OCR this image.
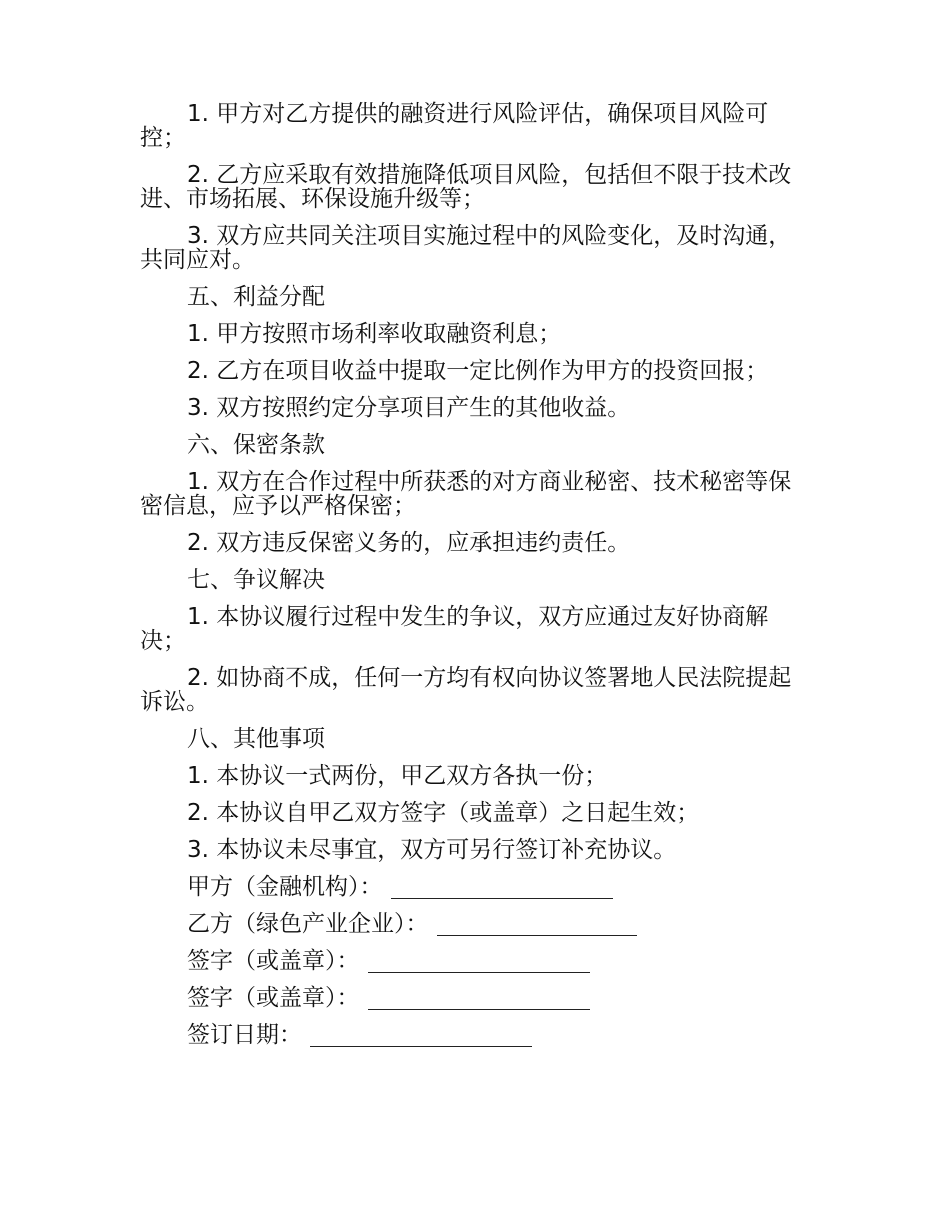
1. 甲方对乙方提供的融资进行风险评估，确保项目风险可控；

2. 乙方应采取有效措施降低项目风险，包括但不限于技术改进、市场拓展、环保设施升级等；

3. 双方应共同关注项目实施过程中的风险变化，及时沟通，共同应对。

五、利益分配

1. 甲方按照市场利率收取融资利息；

2. 乙方在项目收益中提取一定比例作为甲方的投资回报；

3. 双方按照约定分享项目产生的其他收益。

六、保密条款

1. 双方在合作过程中所获悉的对方商业秘密、技术秘密等保密信息，应予以严格保密；

2. 双方违反保密义务的，应承担违约责任。

七、争议解决

1. 本协议履行过程中发生的争议，双方应通过友好协商解决；

2. 如协商不成，任何一方均有权向协议签署地人民法院提起诉讼。

八、其他事项

1. 本协议一式两份，甲乙双方各执一份；

2. 本协议自甲乙双方签字（或盖章）之日起生效；

3. 本协议未尽事宜，双方可另行签订补充协议。

甲方（金融机构）：
乙方（绿色产业企业）：
签字（或盖章）：
签字（或盖章）：
签订日期：
